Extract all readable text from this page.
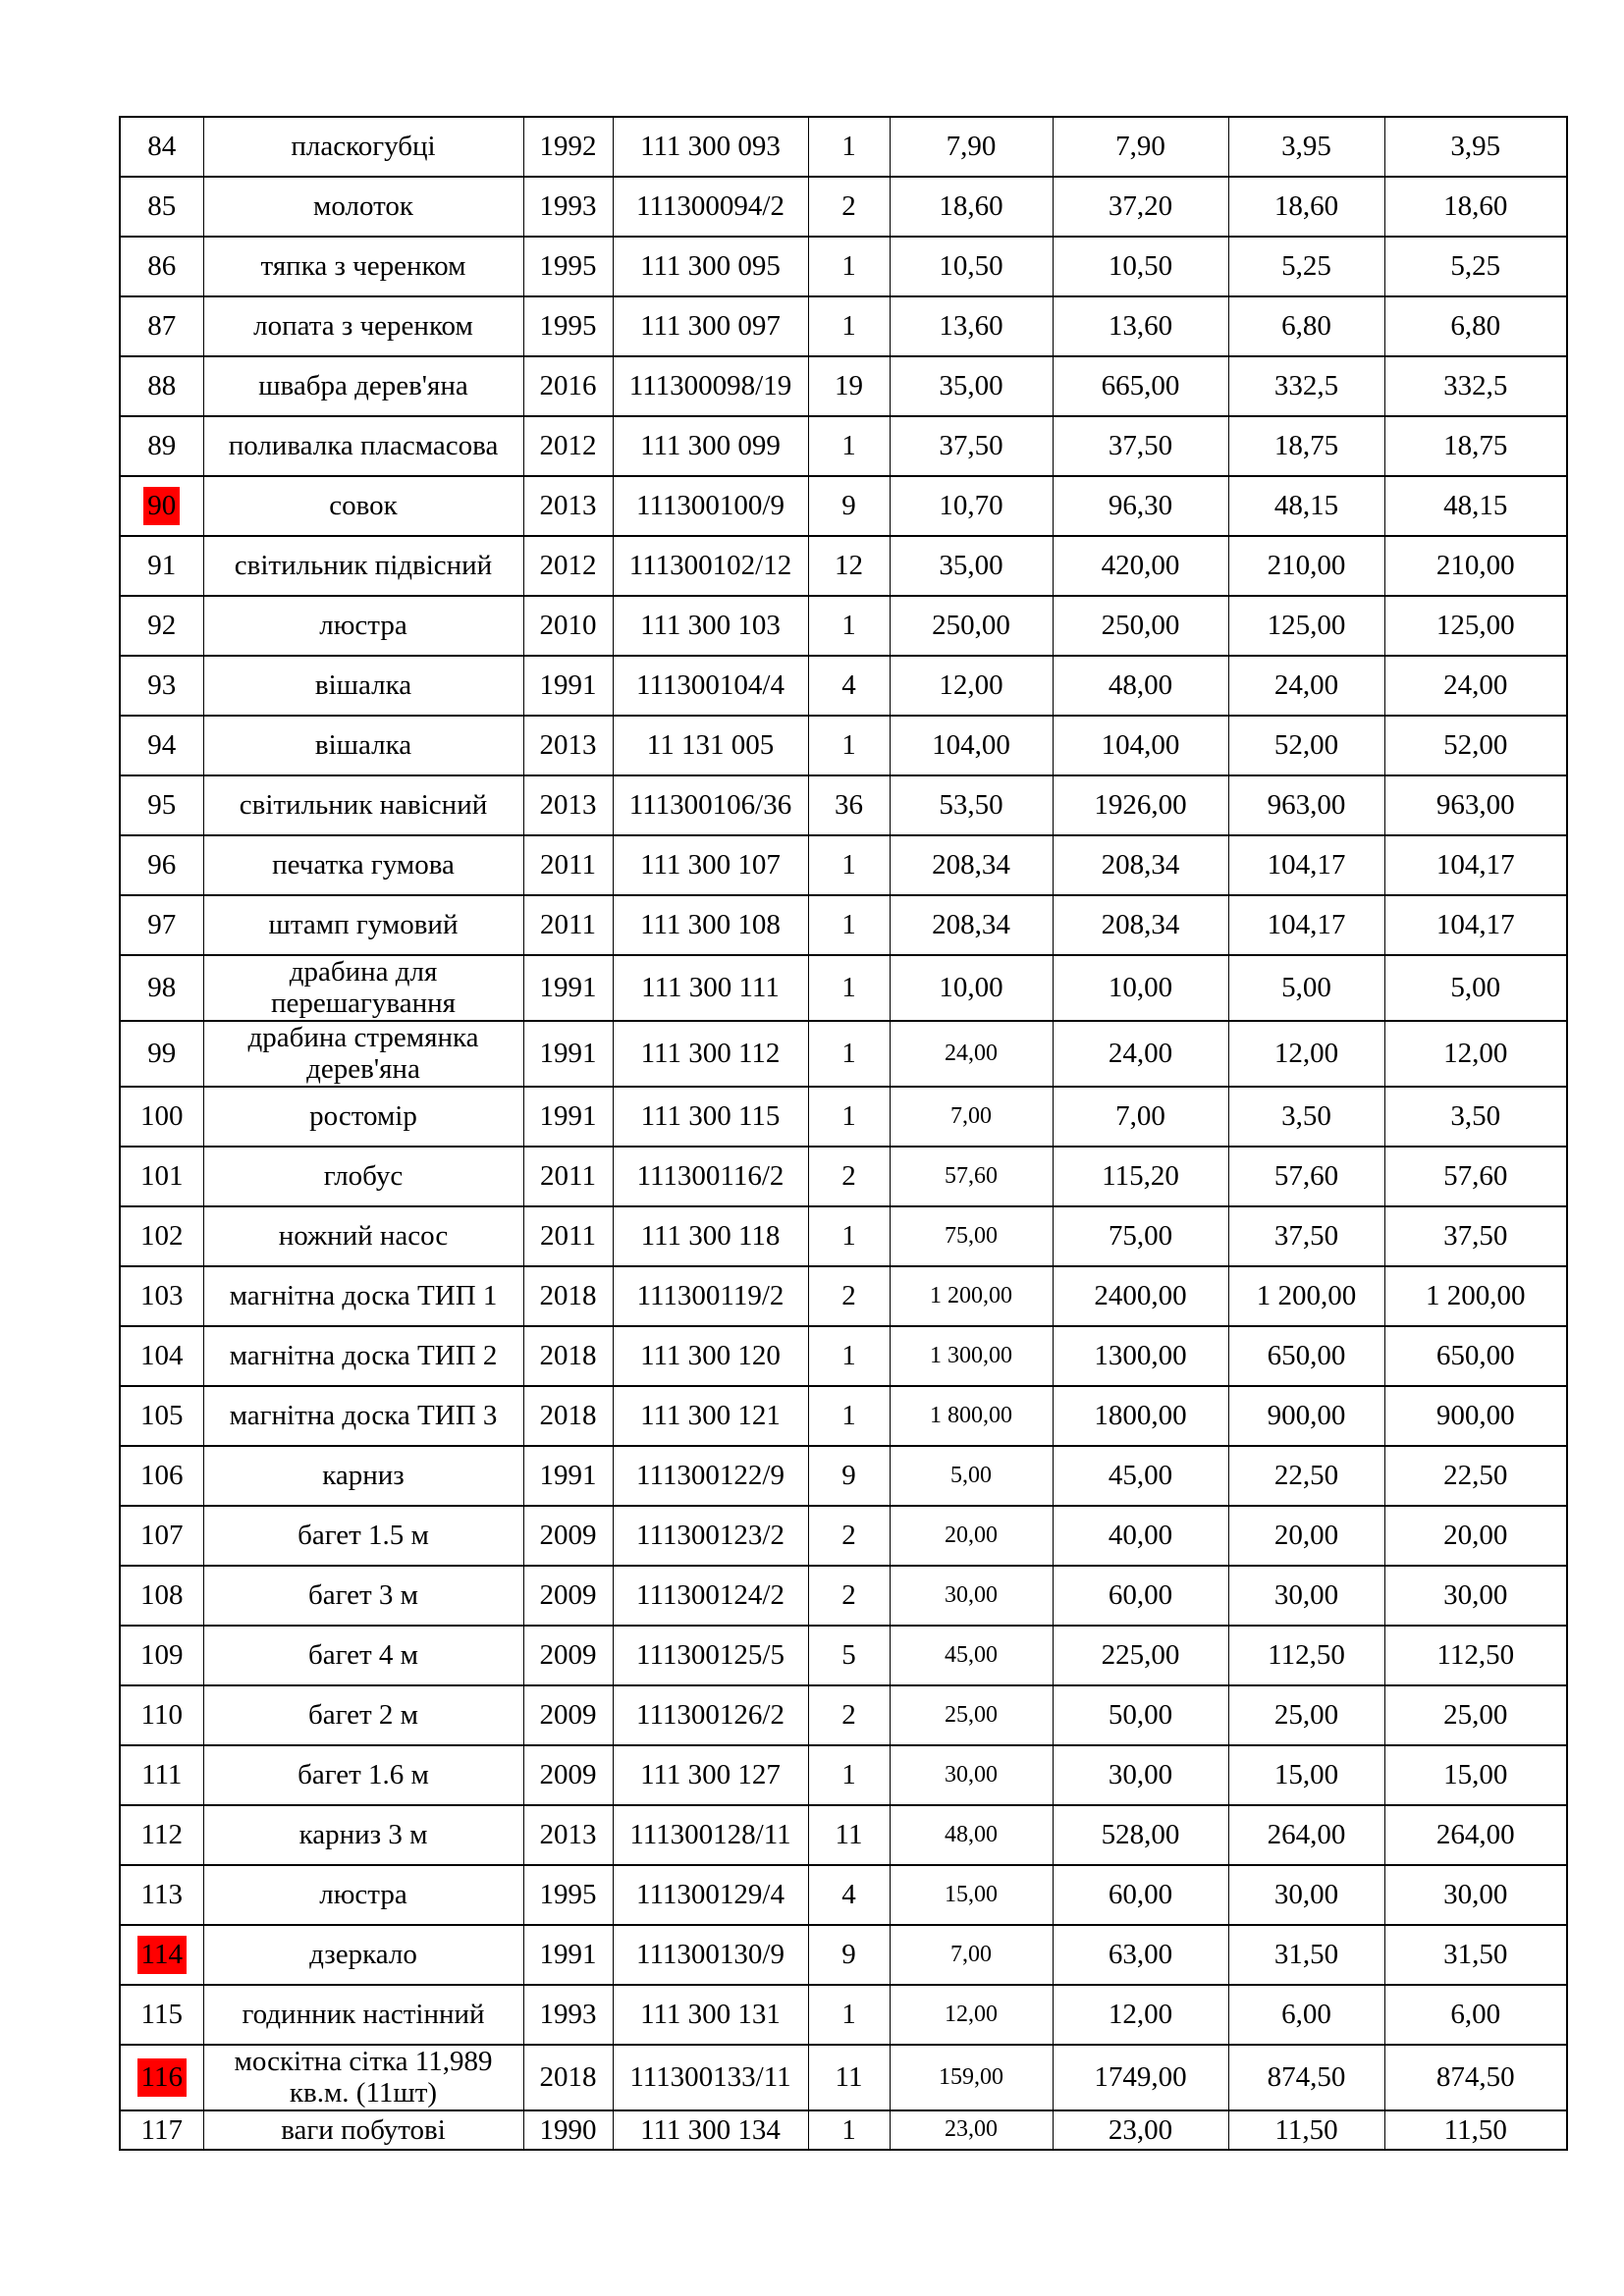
84	пласкогубці	1992	111 300 093	1	7,90	7,90	3,95	3,95
85	молоток	1993	111300094/2	2	18,60	37,20	18,60	18,60
86	тяпка з черенком	1995	111 300 095	1	10,50	10,50	5,25	5,25
87	лопата з черенком	1995	111 300 097	1	13,60	13,60	6,80	6,80
88	швабра дерев'яна	2016	111300098/19	19	35,00	665,00	332,5	332,5
89	поливалка пласмасова	2012	111 300 099	1	37,50	37,50	18,75	18,75
90	совок	2013	111300100/9	9	10,70	96,30	48,15	48,15
91	світильник підвісний	2012	111300102/12	12	35,00	420,00	210,00	210,00
92	люстра	2010	111 300 103	1	250,00	250,00	125,00	125,00
93	вішалка	1991	111300104/4	4	12,00	48,00	24,00	24,00
94	вішалка	2013	11 131 005	1	104,00	104,00	52,00	52,00
95	світильник навісний	2013	111300106/36	36	53,50	1926,00	963,00	963,00
96	печатка гумова	2011	111 300 107	1	208,34	208,34	104,17	104,17
97	штамп гумовий	2011	111 300 108	1	208,34	208,34	104,17	104,17
98	драбина для перешагування	1991	111 300 111	1	10,00	10,00	5,00	5,00
99	драбина стремянка дерев'яна	1991	111 300 112	1	24,00	24,00	12,00	12,00
100	ростомір	1991	111 300 115	1	7,00	7,00	3,50	3,50
101	глобус	2011	111300116/2	2	57,60	115,20	57,60	57,60
102	ножний насос	2011	111 300 118	1	75,00	75,00	37,50	37,50
103	магнітна доска ТИП 1	2018	111300119/2	2	1 200,00	2400,00	1 200,00	1 200,00
104	магнітна доска ТИП 2	2018	111 300 120	1	1 300,00	1300,00	650,00	650,00
105	магнітна доска ТИП 3	2018	111 300 121	1	1 800,00	1800,00	900,00	900,00
106	карниз	1991	111300122/9	9	5,00	45,00	22,50	22,50
107	багет 1.5 м	2009	111300123/2	2	20,00	40,00	20,00	20,00
108	багет 3 м	2009	111300124/2	2	30,00	60,00	30,00	30,00
109	багет 4 м	2009	111300125/5	5	45,00	225,00	112,50	112,50
110	багет 2 м	2009	111300126/2	2	25,00	50,00	25,00	25,00
111	багет 1.6 м	2009	111 300 127	1	30,00	30,00	15,00	15,00
112	карниз 3 м	2013	111300128/11	11	48,00	528,00	264,00	264,00
113	люстра	1995	111300129/4	4	15,00	60,00	30,00	30,00
114	дзеркало	1991	111300130/9	9	7,00	63,00	31,50	31,50
115	годинник настінний	1993	111 300 131	1	12,00	12,00	6,00	6,00
116	москітна сітка 11,989 кв.м. (11шт)	2018	111300133/11	11	159,00	1749,00	874,50	874,50
117	ваги побутові	1990	111 300 134	1	23,00	23,00	11,50	11,50
